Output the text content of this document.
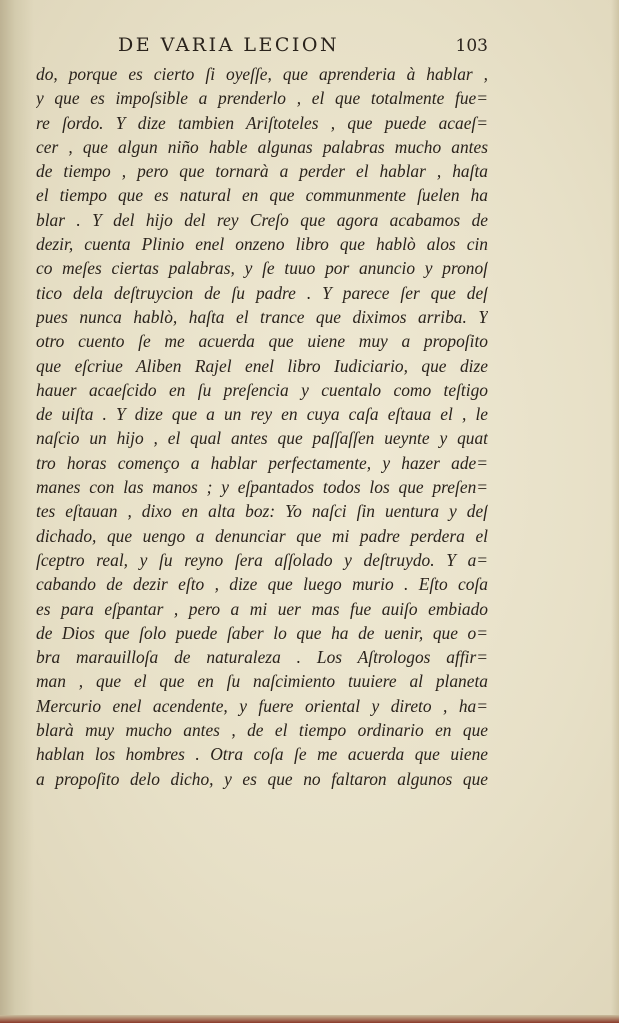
DE VARIA LECION	103
do, porque es cierto ſi oyeſſe, que aprenderia à hablar ,
y que es impoſsible a prenderlo , el que totalmente fue=
re ſordo. Y dize tambien Ariſtoteles , que puede acaeſ=
cer , que algun niño hable algunas palabras mucho antes
de tiempo , pero que tornarà a perder el hablar , haſta
el tiempo que es natural en que communmente ſuelen ha
blar . Y del hijo del rey Creſo que agora acabamos de
dezir, cuenta Plinio enel onzeno libro que hablò alos cin
co meſes ciertas palabras, y ſe tuuo por anuncio y pronoſ
tico dela deſtruycion de ſu padre . Y parece ſer que deſ
pues nunca hablò, haſta el trance que diximos arriba. Y
otro cuento ſe me acuerda que uiene muy a propoſito
que eſcriue Aliben Rajel enel libro Iudiciario, que dize
hauer acaeſcido en ſu preſencia y cuentalo como teſtigo
de uiſta . Y dize que a un rey en cuya caſa eſtaua el , le
naſcio un hijo , el qual antes que paſſaſſen ueynte y quat
tro horas començo a hablar perfectamente, y hazer ade=
manes con las manos ; y eſpantados todos los que preſen=
tes eſtauan , dixo en alta boz: Yo naſci ſin uentura y deſ
dichado, que uengo a denunciar que mi padre perdera el
ſceptro real, y ſu reyno ſera aſſolado y deſtruydo. Y a=
cabando de dezir eſto , dize que luego murio . Eſto coſa
es para eſpantar , pero a mi uer mas fue auiſo embiado
de Dios que ſolo puede ſaber lo que ha de uenir, que o=
bra marauilloſa de naturaleza . Los Aſtrologos affir=
man , que el que en ſu naſcimiento tuuiere al planeta
Mercurio enel acendente, y fuere oriental y direto , ha=
blarà muy mucho antes , de el tiempo ordinario en que
hablan los hombres . Otra coſa ſe me acuerda que uiene
a propoſito delo dicho, y es que no faltaron algunos que
